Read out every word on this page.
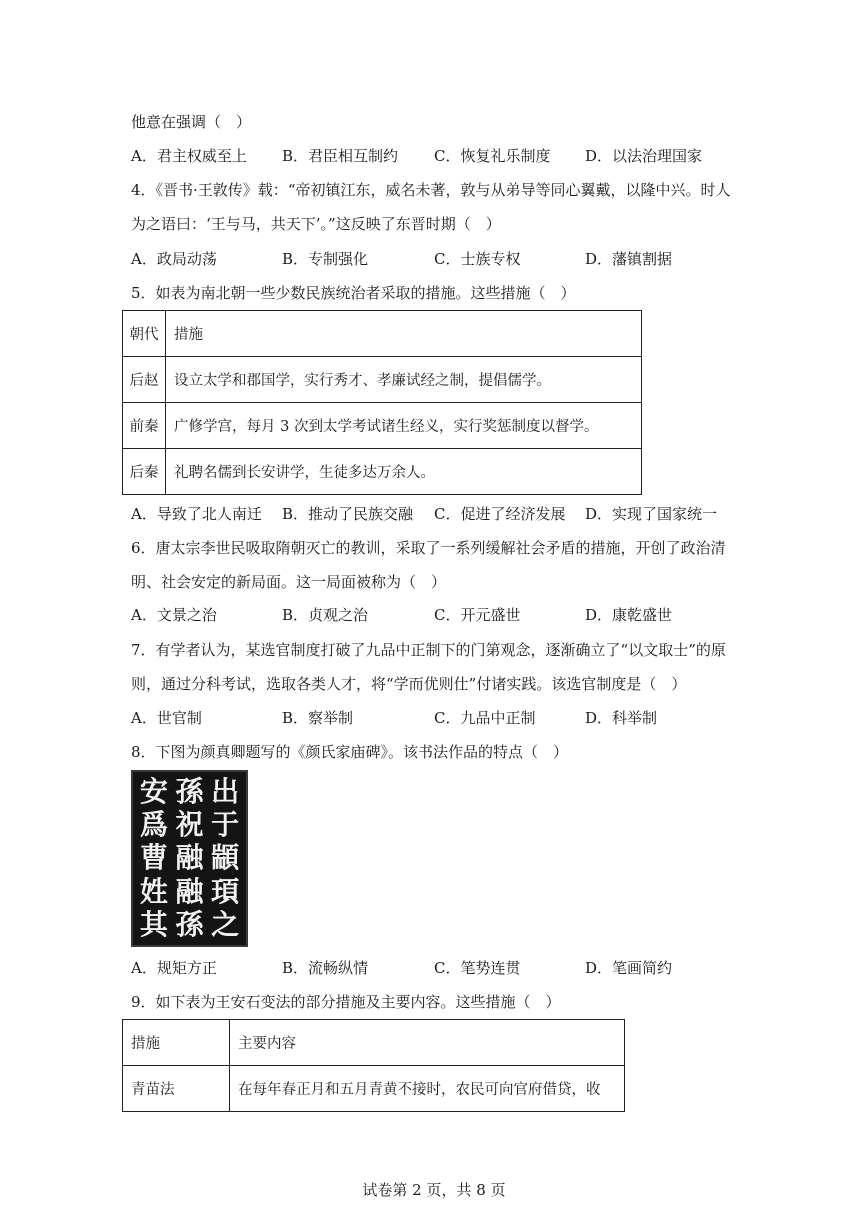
他意在强调（　）
A．君主权威至上 B．君臣相互制约 C．恢复礼乐制度 D．以法治理国家
4．《晋书·王敦传》载：“帝初镇江东，威名未著，敦与从弟导等同心翼戴，以隆中兴。时人
为之语曰：‘王与马，共天下’。”这反映了东晋时期（　）
A．政局动荡	B．专制强化	C．士族专权	D．藩镇割据
5．如表为南北朝一些少数民族统治者采取的措施。这些措施（　）
朝代	措施
后赵	设立太学和郡国学，实行秀才、孝廉试经之制，提倡儒学。
前秦	广修学宫，每月 3 次到太学考试诸生经义，实行奖惩制度以督学。
后秦	礼聘名儒到长安讲学，生徒多达万余人。
A．导致了北人南迁 B．推动了民族交融 C．促进了经济发展 D．实现了国家统一
6．唐太宗李世民吸取隋朝灭亡的教训，采取了一系列缓解社会矛盾的措施，开创了政治清
明、社会安定的新局面。这一局面被称为（　）
A．文景之治	B．贞观之治	C．开元盛世	D．康乾盛世
7．有学者认为，某选官制度打破了九品中正制下的门第观念，逐渐确立了“以文取士”的原
则，通过分科考试，选取各类人才，将“学而优则仕”付诸实践。该选官制度是（　）
A．世官制	B．察举制	C．九品中正制	D．科举制
8．下图为颜真卿题写的《颜氏家庙碑》。该书法作品的特点（　）
安 孫 出
爲 祝 于
曹 融 顓
姓 融 頊
其 孫 之
A．规矩方正	B．流畅纵情	C．笔势连贯	D．笔画简约
9．如下表为王安石变法的部分措施及主要内容。这些措施（　）
措施	主要内容
青苗法	在每年春正月和五月青黄不接时，农民可向官府借贷，收
试卷第 2 页，共 8 页
